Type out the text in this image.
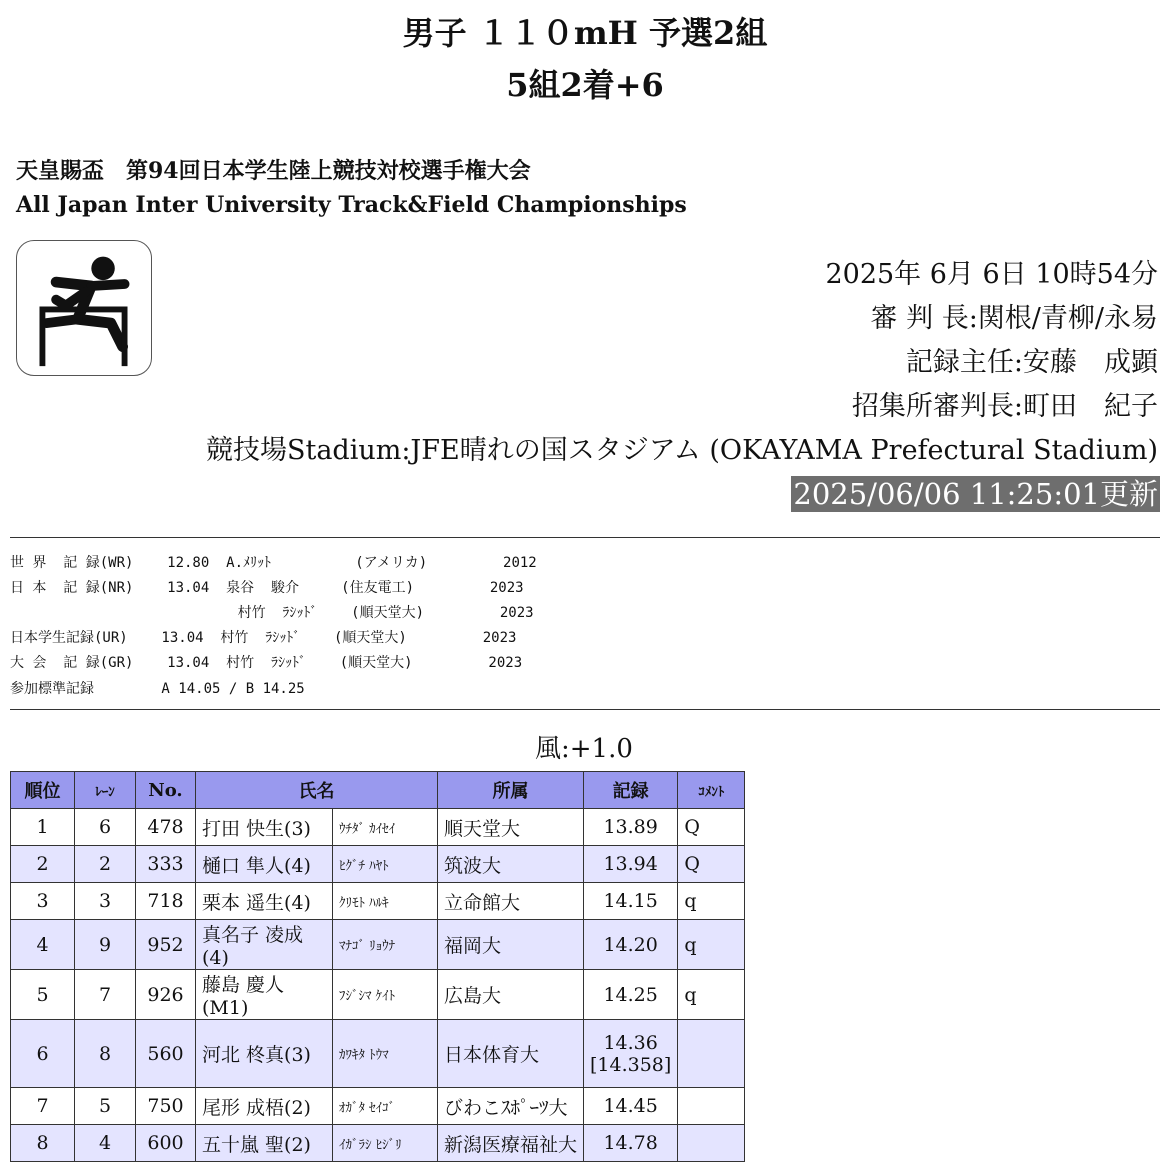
男子 １１０mH 予選2組
5組2着+6
天皇賜盃　第94回日本学生陸上競技対校選手権大会
All Japan Inter University Track&Field Championships
2025年 6月 6日 10時54分
審 判 長:関根/青柳/永易
記録主任:安藤　成顕
招集所審判長:町田　紀子
競技場Stadium:JFE晴れの国スタジアム (OKAYAMA Prefectural Stadium)
2025/06/06 11:25:01更新
世 界  記 録(WR)    12.80  A.ﾒﾘｯﾄ          (アメリカ)         2012
日 本  記 録(NR)    13.04  泉谷  駿介     (住友電工)         2023
村竹  ﾗｼｯﾄﾞ    (順天堂大)         2023
日本学生記録(UR)    13.04  村竹  ﾗｼｯﾄﾞ    (順天堂大)         2023
大 会  記 録(GR)    13.04  村竹  ﾗｼｯﾄﾞ    (順天堂大)         2023
参加標準記録        A 14.05 / B 14.25
風:+1.0
順位	ﾚｰﾝ	No.	氏名		所属	記録	ｺﾒﾝﾄ
1	6	478	打田 快生(3)	ｳﾁﾀﾞ ｶｲｾｲ	順天堂大	13.89	Q
2	2	333	樋口 隼人(4)	ﾋｸﾞﾁ ﾊﾔﾄ	筑波大	13.94	Q
3	3	718	栗本 遥生(4)	ｸﾘﾓﾄ ﾊﾙｷ	立命館大	14.15	q
4	9	952	真名子 凌成(4)	ﾏﾅｺﾞ ﾘｮｳﾅ	福岡大	14.20	q
5	7	926	藤島 慶人(M1)	ﾌｼﾞｼﾏ ｹｲﾄ	広島大	14.25	q
6	8	560	河北 柊真(3)	ｶﾜｷﾀ ﾄｳﾏ	日本体育大	14.36
[14.358]	

7	5	750	尾形 成梧(2)	ｵｶﾞﾀ ｾｲｺﾞ	びわこｽﾎﾟｰﾂ大	14.45	
8	4	600	五十嵐 聖(2)	ｲｶﾞﾗｼ ﾋｼﾞﾘ	新潟医療福祉大	14.78	
